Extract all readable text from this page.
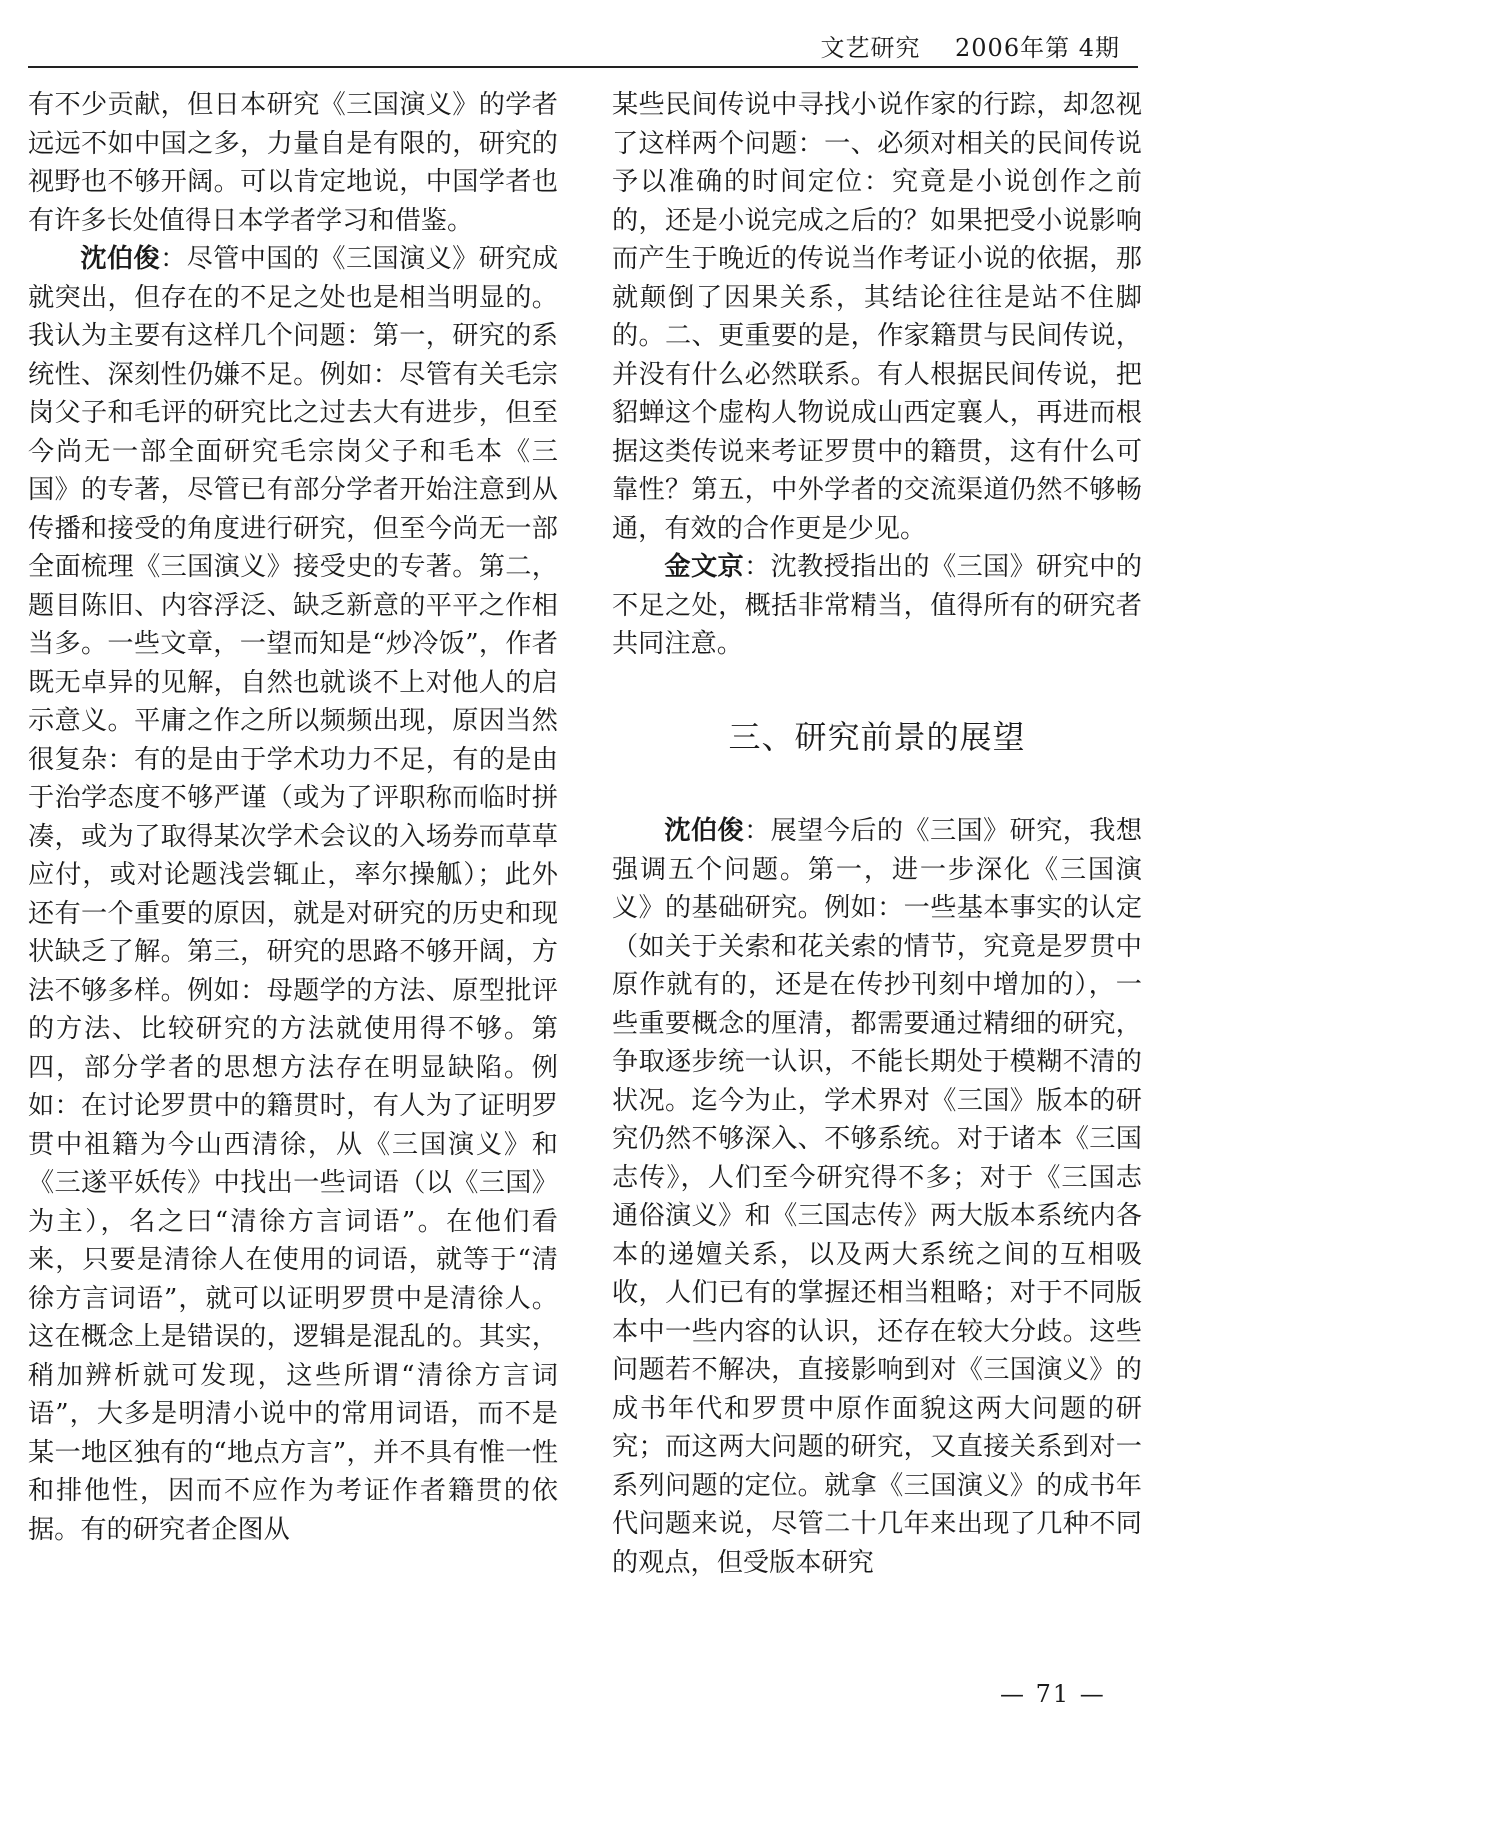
文艺研究 2006年第 4期

有不少贡献，但日本研究《三国演义》的学者远远不如中国之多，力量自是有限的，研究的视野也不够开阔。可以肯定地说，中国学者也有许多长处值得日本学者学习和借鉴。

沈伯俊：尽管中国的《三国演义》研究成就突出，但存在的不足之处也是相当明显的。我认为主要有这样几个问题：第一，研究的系统性、深刻性仍嫌不足。例如：尽管有关毛宗岗父子和毛评的研究比之过去大有进步，但至今尚无一部全面研究毛宗岗父子和毛本《三国》的专著，尽管已有部分学者开始注意到从传播和接受的角度进行研究，但至今尚无一部全面梳理《三国演义》接受史的专著。第二，题目陈旧、内容浮泛、缺乏新意的平平之作相当多。一些文章，一望而知是“炒冷饭”，作者既无卓异的见解，自然也就谈不上对他人的启示意义。平庸之作之所以频频出现，原因当然很复杂：有的是由于学术功力不足，有的是由于治学态度不够严谨（或为了评职称而临时拼凑，或为了取得某次学术会议的入场券而草草应付，或对论题浅尝辄止，率尔操觚）；此外还有一个重要的原因，就是对研究的历史和现状缺乏了解。第三，研究的思路不够开阔，方法不够多样。例如：母题学的方法、原型批评的方法、比较研究的方法就使用得不够。第四，部分学者的思想方法存在明显缺陷。例如：在讨论罗贯中的籍贯时，有人为了证明罗贯中祖籍为今山西清徐，从《三国演义》和《三遂平妖传》中找出一些词语（以《三国》为主），名之曰“清徐方言词语”。在他们看来，只要是清徐人在使用的词语，就等于“清徐方言词语”，就可以证明罗贯中是清徐人。这在概念上是错误的，逻辑是混乱的。其实，稍加辨析就可发现，这些所谓“清徐方言词语”，大多是明清小说中的常用词语，而不是某一地区独有的“地点方言”，并不具有惟一性和排他性，因而不应作为考证作者籍贯的依据。有的研究者企图从

某些民间传说中寻找小说作家的行踪，却忽视了这样两个问题：一、必须对相关的民间传说予以准确的时间定位：究竟是小说创作之前的，还是小说完成之后的？如果把受小说影响而产生于晚近的传说当作考证小说的依据，那就颠倒了因果关系，其结论往往是站不住脚的。二、更重要的是，作家籍贯与民间传说，并没有什么必然联系。有人根据民间传说，把貂蝉这个虚构人物说成山西定襄人，再进而根据这类传说来考证罗贯中的籍贯，这有什么可靠性？第五，中外学者的交流渠道仍然不够畅通，有效的合作更是少见。

金文京：沈教授指出的《三国》研究中的不足之处，概括非常精当，值得所有的研究者共同注意。

三、研究前景的展望

沈伯俊：展望今后的《三国》研究，我想强调五个问题。第一，进一步深化《三国演义》的基础研究。例如：一些基本事实的认定（如关于关索和花关索的情节，究竟是罗贯中原作就有的，还是在传抄刊刻中增加的），一些重要概念的厘清，都需要通过精细的研究，争取逐步统一认识，不能长期处于模糊不清的状况。迄今为止，学术界对《三国》版本的研究仍然不够深入、不够系统。对于诸本《三国志传》，人们至今研究得不多；对于《三国志通俗演义》和《三国志传》两大版本系统内各本的递嬗关系，以及两大系统之间的互相吸收，人们已有的掌握还相当粗略；对于不同版本中一些内容的认识，还存在较大分歧。这些问题若不解决，直接影响到对《三国演义》的成书年代和罗贯中原作面貌这两大问题的研究；而这两大问题的研究，又直接关系到对一系列问题的定位。就拿《三国演义》的成书年代问题来说，尽管二十几年来出现了几种不同的观点，但受版本研究

— 71 —
